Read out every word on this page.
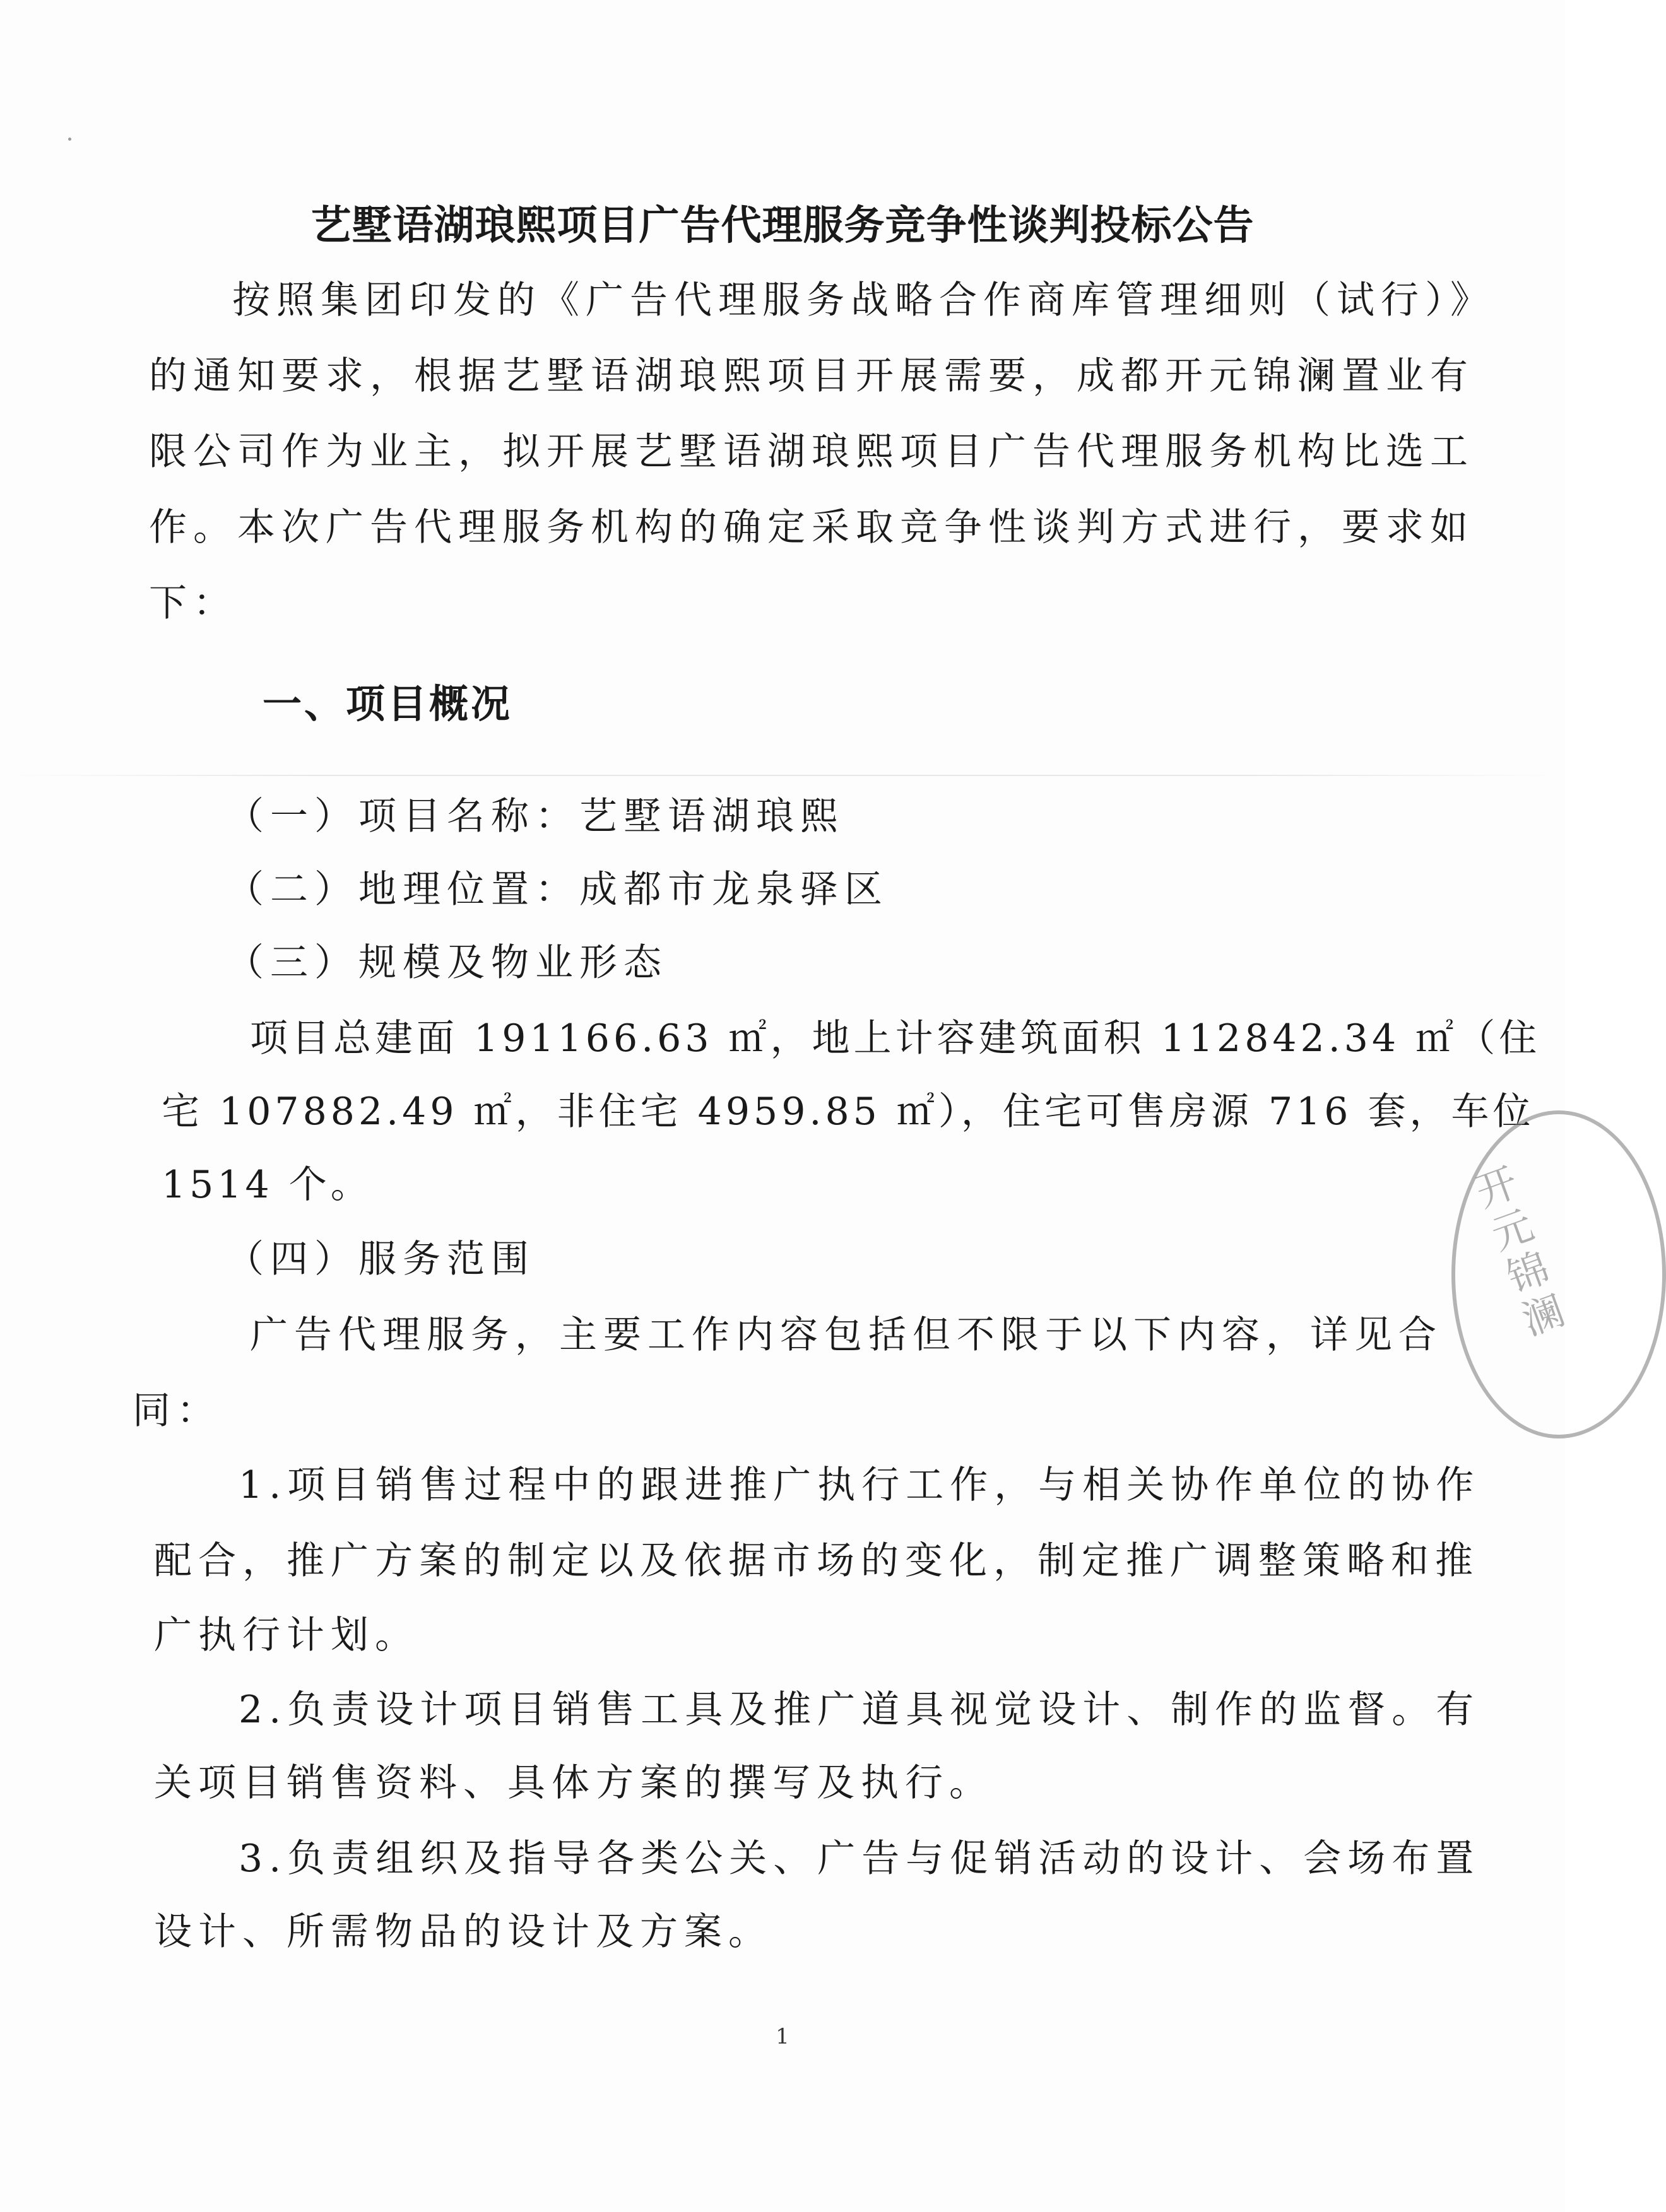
艺墅语湖琅熙项目广告代理服务竞争性谈判投标公告
按照集团印发的《广告代理服务战略合作商库管理细则（试行）》
的通知要求，根据艺墅语湖琅熙项目开展需要，成都开元锦澜置业有
限公司作为业主，拟开展艺墅语湖琅熙项目广告代理服务机构比选工
作。本次广告代理服务机构的确定采取竞争性谈判方式进行，要求如
下：
一、项目概况
（一）项目名称：艺墅语湖琅熙
（二）地理位置：成都市龙泉驿区
（三）规模及物业形态
项目总建面 191166.63 ㎡，地上计容建筑面积 112842.34 ㎡（住
宅 107882.49 ㎡，非住宅 4959.85 ㎡），住宅可售房源 716 套，车位
1514 个。
（四）服务范围
广告代理服务，主要工作内容包括但不限于以下内容，详见合
同：
1.项目销售过程中的跟进推广执行工作，与相关协作单位的协作
配合，推广方案的制定以及依据市场的变化，制定推广调整策略和推
广执行计划。
2.负责设计项目销售工具及推广道具视觉设计、制作的监督。有
关项目销售资料、具体方案的撰写及执行。
3.负责组织及指导各类公关、广告与促销活动的设计、会场布置
设计、所需物品的设计及方案。
1
开元锦澜
